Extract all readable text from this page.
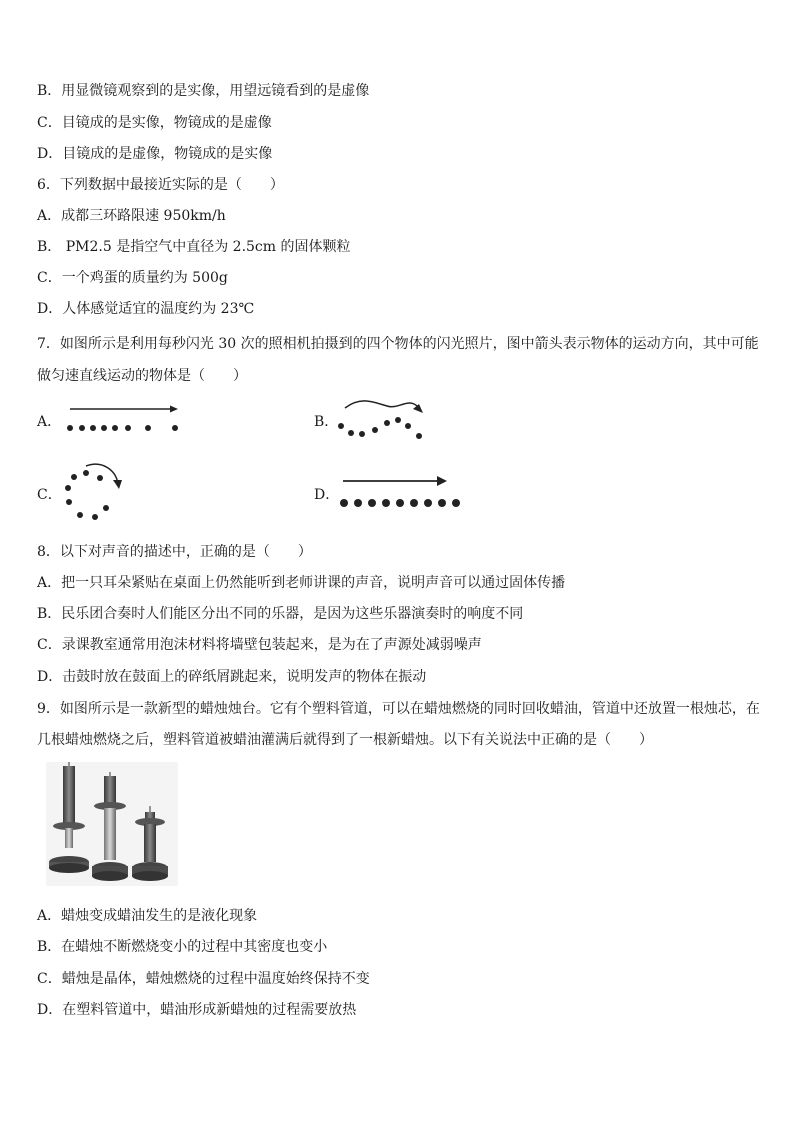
B．用显微镜观察到的是实像，用望远镜看到的是虚像
C．目镜成的是实像，物镜成的是虚像
D．目镜成的是虚像，物镜成的是实像
6．下列数据中最接近实际的是（　　）
A．成都三环路限速 950km/h
B． PM2.5 是指空气中直径为 2.5cm 的固体颗粒
C．一个鸡蛋的质量约为 500g
D．人体感觉适宜的温度约为 23℃
7．如图所示是利用每秒闪光 30 次的照相机拍摄到的四个物体的闪光照片，图中箭头表示物体的运动方向，其中可能
做匀速直线运动的物体是（　　）
A．	B．
C．	D．
8．以下对声音的描述中，正确的是（　　）
A．把一只耳朵紧贴在桌面上仍然能听到老师讲课的声音，说明声音可以通过固体传播
B．民乐团合奏时人们能区分出不同的乐器，是因为这些乐器演奏时的响度不同
C．录课教室通常用泡沫材料将墙壁包装起来，是为在了声源处减弱噪声
D．击鼓时放在鼓面上的碎纸屑跳起来，说明发声的物体在振动
9．如图所示是一款新型的蜡烛烛台。它有个塑料管道，可以在蜡烛燃烧的同时回收蜡油，管道中还放置一根烛芯，在
几根蜡烛燃烧之后，塑料管道被蜡油灌满后就得到了一根新蜡烛。以下有关说法中正确的是（　　）
A．蜡烛变成蜡油发生的是液化现象
B．在蜡烛不断燃烧变小的过程中其密度也变小
C．蜡烛是晶体，蜡烛燃烧的过程中温度始终保持不变
D．在塑料管道中，蜡油形成新蜡烛的过程需要放热
